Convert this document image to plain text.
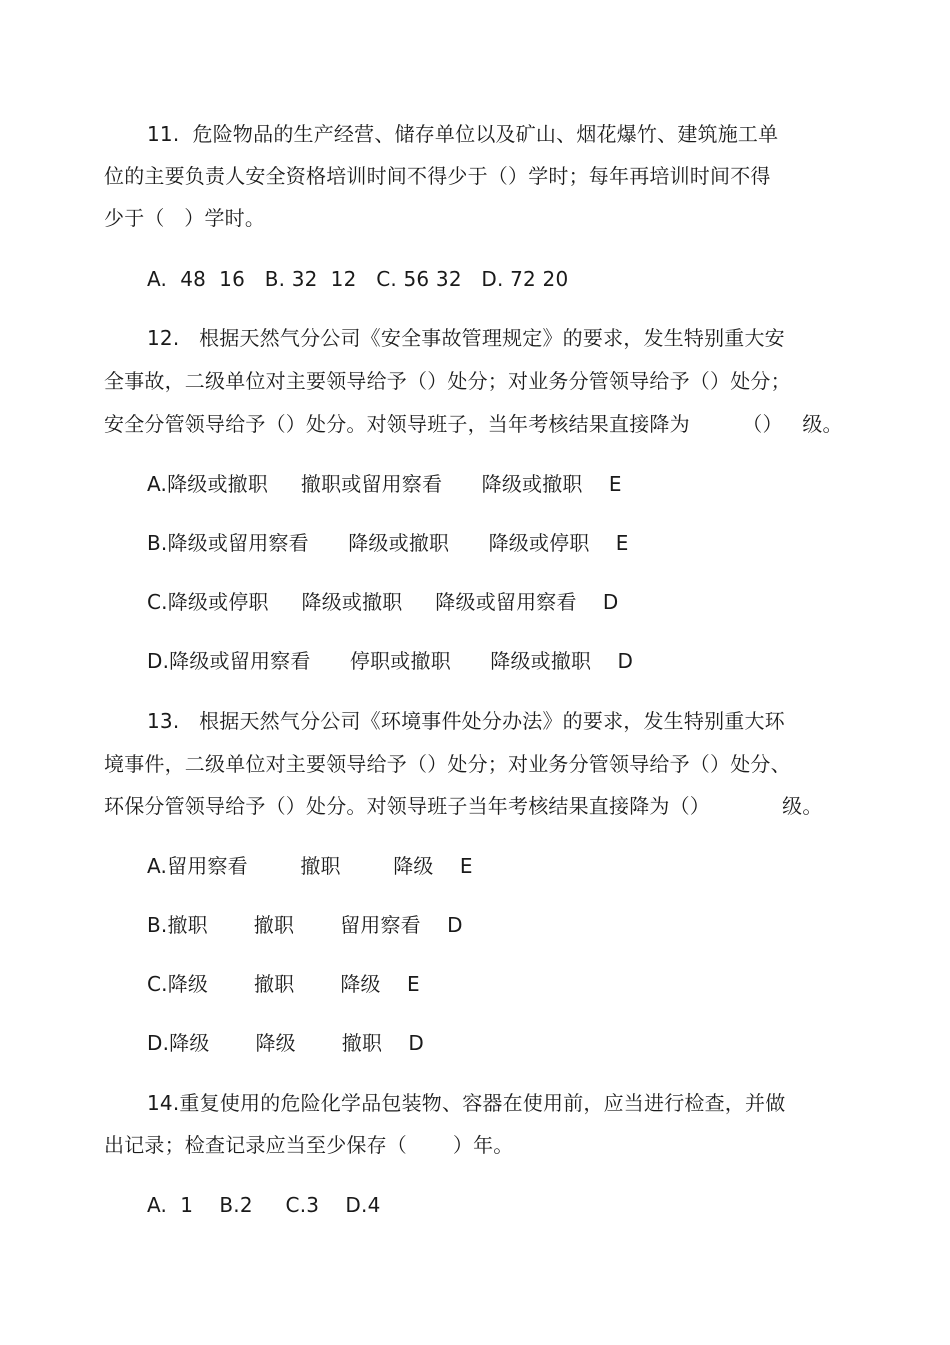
11.  危险物品的生产经营、储存单位以及矿山、烟花爆竹、建筑施工单
位的主要负责人安全资格培训时间不得少于（）学时；每年再培训时间不得
少于（   ）学时。
A.  48  16   B. 32  12   C. 56 32   D. 72 20
12.   根据天然气分公司《安全事故管理规定》的要求，发生特别重大安
全事故，二级单位对主要领导给予（）处分；对业务分管领导给予（）处分；
安全分管领导给予（）处分。对领导班子，当年考核结果直接降为        （）   级。
A.降级或撤职     撤职或留用察看      降级或撤职    E
B.降级或留用察看      降级或撤职      降级或停职    E
C.降级或停职     降级或撤职     降级或留用察看    D
D.降级或留用察看      停职或撤职      降级或撤职    D
13.   根据天然气分公司《环境事件处分办法》的要求，发生特别重大环
境事件，二级单位对主要领导给予（）处分；对业务分管领导给予（）处分、
环保分管领导给予（）处分。对领导班子当年考核结果直接降为（）           级。
A.留用察看        撤职        降级    E
B.撤职       撤职       留用察看    D
C.降级       撤职       降级    E
D.降级       降级       撤职    D
14.重复使用的危险化学品包装物、容器在使用前，应当进行检查，并做
出记录；检查记录应当至少保存（       ）年。
A.  1    B.2     C.3    D.4
